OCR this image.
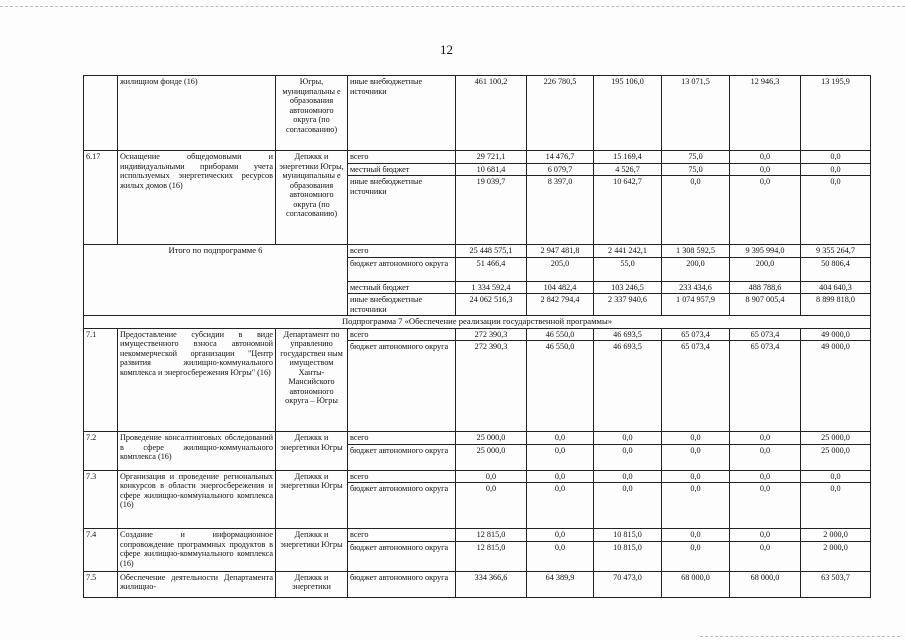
12
	жилищном фонде (16)	Югры, муниципальны е образования автономного округа (по согласованию)	иные внебюджетные источники	461 100,2	226 780,5	195 106,0	13 071,5	12 946,3	13 195,9
6.17	Оснащение общедомовыми и индивидуальными приборами учета используемых энергетических ресурсов жилых домов (16)	Депжкк и энергетики Югры, муниципальны е образования автономного округа (по согласованию)	всего	29 721,1	14 476,7	15 169,4	75,0	0,0	0,0
			местный бюджет	10 681,4	6 079,7	4 526,7	75,0	0,0	0,0
			иные внебюджетные источники	19 039,7	8 397,0	10 642,7	0,0	0,0	0,0
Итого по подпрограмме 6			всего	25 448 575,1	2 947 481,8	2 441 242,1	1 308 592,5	9 395 994,0	9 355 264,7
			бюджет автономного округа	51 466,4	205,0	55,0	200,0	200,0	50 806,4
			местный бюджет	1 334 592,4	104 482,4	103 246,5	233 434,6	488 788,6	404 640,3
			иные внебюджетные источники	24 062 516,3	2 842 794,4	2 337 940,6	1 074 957,9	8 907 005,4	8 899 818,0
Подпрограмма 7 «Обеспечение реализации государственной программы»									
7.1	Предоставление субсидии в виде имущественного взноса автономной некоммерческой организации "Центр развития жилищно-коммунального комплекса и энергосбережения Югры" (16)	Департамент по управлению государствен ным имуществом Ханты-Мансийского автономного округа – Югры	всего	272 390,3	46 550,0	46 693,5	65 073,4	65 073,4	49 000,0
			бюджет автономного округа	272 390,3	46 550,0	46 693,5	65 073,4	65 073,4	49 000,0
7.2	Проведение консалтинговых обследований в сфере жилищно-коммунального комплекса (16)	Депжкк и энергетики Югры	всего	25 000,0	0,0	0,0	0,0	0,0	25 000,0
			бюджет автономного округа	25 000,0	0,0	0,0	0,0	0,0	25 000,0
7.3	Организация и проведение региональных конкурсов в области энергосбережения и сфере жилищно-коммунального комплекса (16)	Депжкк и энергетики Югры	всего	0,0	0,0	0,0	0,0	0,0	0,0
			бюджет автономного округа	0,0	0,0	0,0	0,0	0,0	0,0
7.4	Создание и информационное сопровождение программных продуктов в сфере жилищно-коммунального комплекса (16)	Депжкк и энергетики Югры	всего	12 815,0	0,0	10 815,0	0,0	0,0	2 000,0
			бюджет автономного округа	12 815,0	0,0	10 815,0	0,0	0,0	2 000,0
7.5	Обеспечение деятельности Департамента жилищно-	Депжкк и энергетики	бюджет автономного округа	334 366,6	64 389,9	70 473,0	68 000,0	68 000,0	63 503,7
